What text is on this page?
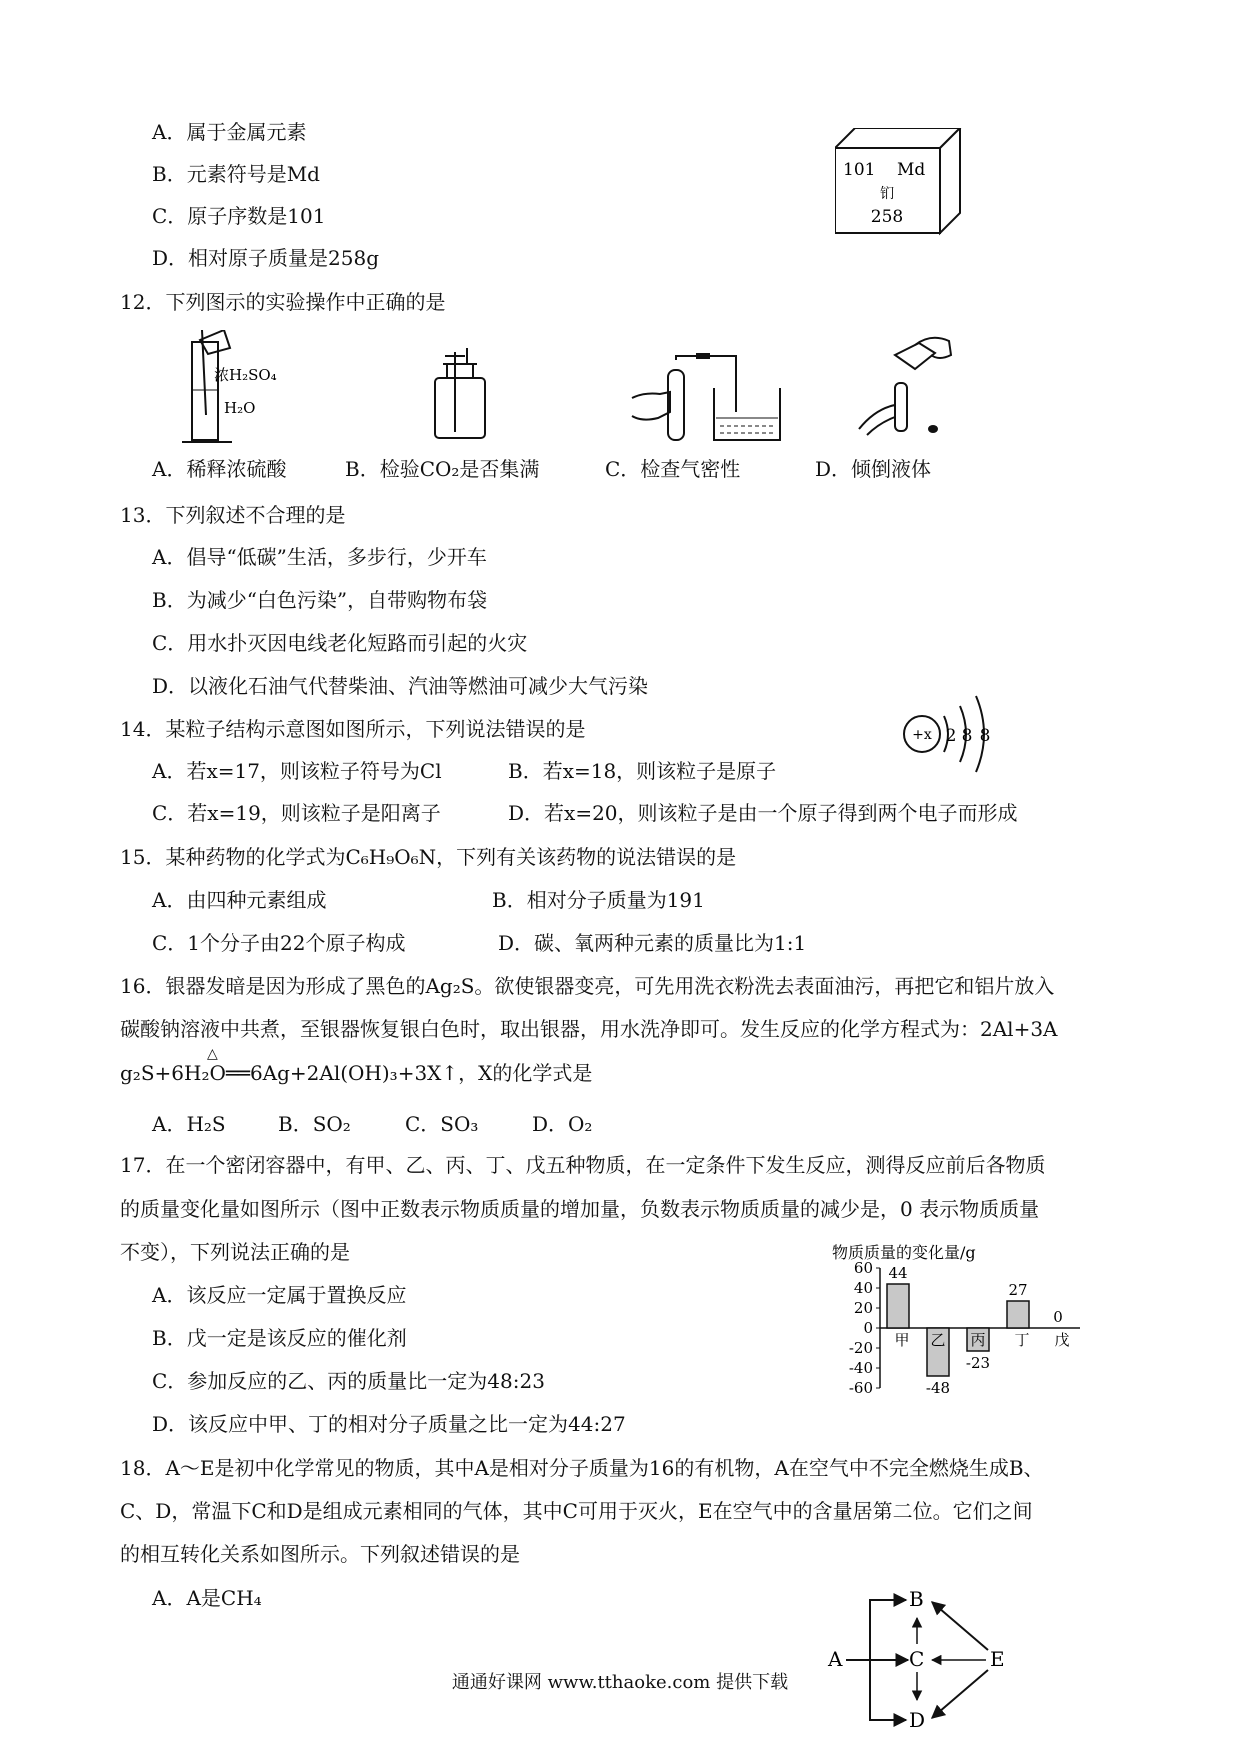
A．属于金属元素
B．元素符号是Md
C．原子序数是101
D．相对原子质量是258g
101 Md
钔
258
12．下列图示的实验操作中正确的是
浓H₂SO₄
H₂O
A．稀释浓硫酸	B．检验CO₂是否集满	C．检查气密性	D．倾倒液体
13．下列叙述不合理的是
A．倡导“低碳”生活，多步行，少开车
B．为减少“白色污染”，自带购物布袋
C．用水扑灭因电线老化短路而引起的火灾
D．以液化石油气代替柴油、汽油等燃油可减少大气污染
14．某粒子结构示意图如图所示，下列说法错误的是	+x 2 8 8
A．若x=17，则该粒子符号为Cl	B．若x=18，则该粒子是原子
C．若x=19，则该粒子是阳离子	D．若x=20，则该粒子是由一个原子得到两个电子而形成
15．某种药物的化学式为C₆H₉O₆N，下列有关该药物的说法错误的是
A．由四种元素组成	B．相对分子质量为191
C．1个分子由22个原子构成	D．碳、氧两种元素的质量比为1:1
16．银器发暗是因为形成了黑色的Ag₂S。欲使银器变亮，可先用洗衣粉洗去表面油污，再把它和铝片放入
碳酸钠溶液中共煮，至银器恢复银白色时，取出银器，用水洗净即可。发生反应的化学方程式为：2Al+3A
g₂S+6H₂O══6Ag+2Al(OH)₃+3X↑，X的化学式是
△
A．H₂S	B．SO₂	C．SO₃	D．O₂
17．在一个密闭容器中，有甲、乙、丙、丁、戊五种物质，在一定条件下发生反应，测得反应前后各物质
的质量变化量如图所示（图中正数表示物质质量的增加量，负数表示物质质量的减少是，0 表示物质质量
不变），下列说法正确的是
A．该反应一定属于置换反应
B．戊一定是该反应的催化剂
C．参加反应的乙、丙的质量比一定为48:23
D．该反应中甲、丁的相对分子质量之比一定为44:27
物质质量的变化量/g
60
40
20
0
-20
-40
-60
44
甲
-48
乙
-23
丙
27
丁
0
戊
18．A～E是初中化学常见的物质，其中A是相对分子质量为16的有机物，A在空气中不完全燃烧生成B、
C、D，常温下C和D是组成元素相同的气体，其中C可用于灭火，E在空气中的含量居第二位。它们之间
的相互转化关系如图所示。下列叙述错误的是
A．A是CH₄
A
B
C
D
E
通通好课网 www.tthaoke.com 提供下载
